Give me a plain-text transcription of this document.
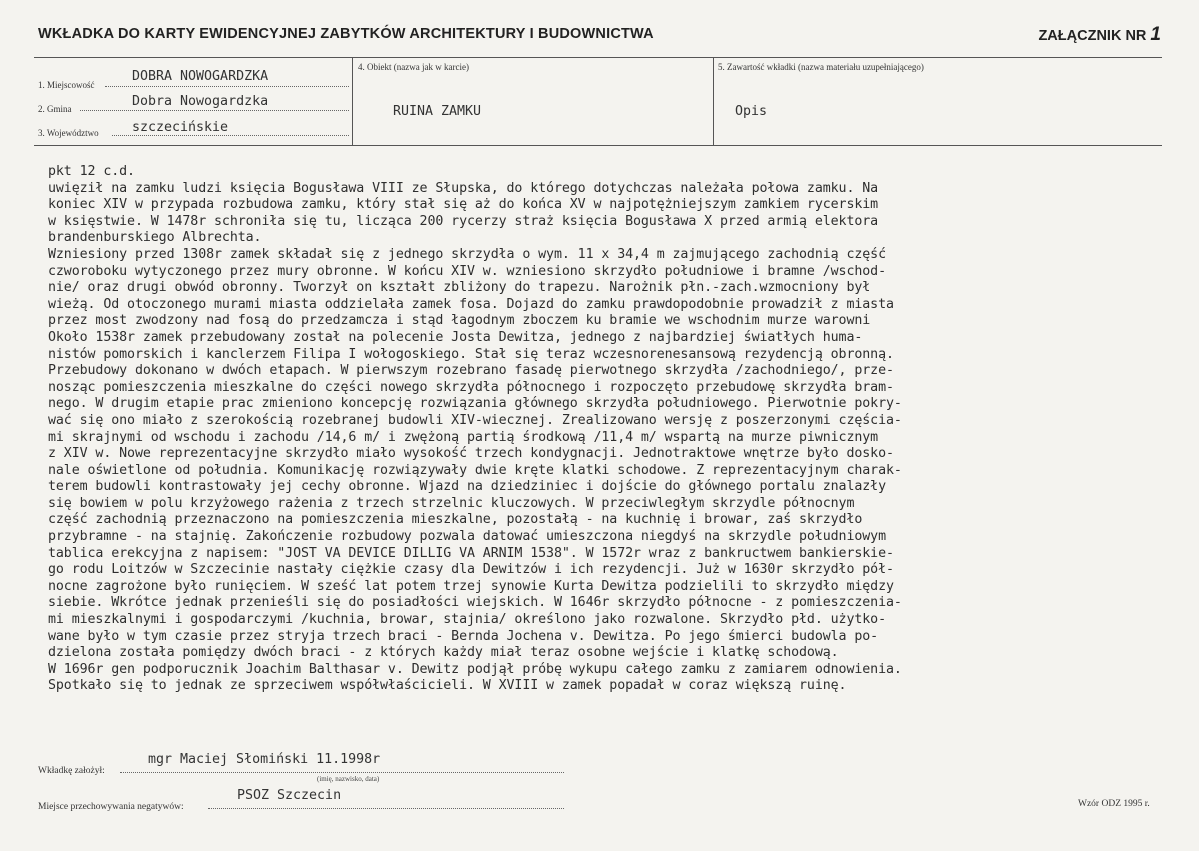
WKŁADKA DO KARTY EWIDENCYJNEJ ZABYTKÓW ARCHITEKTURY I BUDOWNICTWA	ZAŁĄCZNIK NR 1
1. Miejscowość
DOBRA NOWOGARDZKA
2. Gmina	Dobra Nowogardzka
3. Województwo	szczecińskie
4. Obiekt (nazwa jak w karcie)
RUINA ZAMKU
5. Zawartość wkładki (nazwa materiału uzupełniającego)
Opis
pkt 12 c.d.
uwięził na zamku ludzi księcia Bogusława VIII ze Słupska, do którego dotychczas należała połowa zamku. Na
koniec XIV w przypada rozbudowa zamku, który stał się aż do końca XV w najpotężniejszym zamkiem rycerskim
w księstwie. W 1478r schroniła się tu, licząca 200 rycerzy straż księcia Bogusława X przed armią elektora
brandenburskiego Albrechta.
Wzniesiony przed 1308r zamek składał się z jednego skrzydła o wym. 11 x 34,4 m zajmującego zachodnią część
czworoboku wytyczonego przez mury obronne. W końcu XIV w. wzniesiono skrzydło południowe i bramne /wschod-
nie/ oraz drugi obwód obronny. Tworzył on kształt zbliżony do trapezu. Narożnik płn.-zach.wzmocniony był
wieżą. Od otoczonego murami miasta oddzielała zamek fosa. Dojazd do zamku prawdopodobnie prowadził z miasta
przez most zwodzony nad fosą do przedzamcza i stąd łagodnym zboczem ku bramie we wschodnim murze warowni
Około 1538r zamek przebudowany został na polecenie Josta Dewitza, jednego z najbardziej światłych huma-
nistów pomorskich i kanclerzem Filipa I wołogoskiego. Stał się teraz wczesnorenesansową rezydencją obronną.
Przebudowy dokonano w dwóch etapach. W pierwszym rozebrano fasadę pierwotnego skrzydła /zachodniego/, prze-
nosząc pomieszczenia mieszkalne do części nowego skrzydła północnego i rozpoczęto przebudowę skrzydła bram-
nego. W drugim etapie prac zmieniono koncepcję rozwiązania głównego skrzydła południowego. Pierwotnie pokry-
wać się ono miało z szerokością rozebranej budowli XIV-wiecznej. Zrealizowano wersję z poszerzonymi częścia-
mi skrajnymi od wschodu i zachodu /14,6 m/ i zwężoną partią środkową /11,4 m/ wspartą na murze piwnicznym
z XIV w. Nowe reprezentacyjne skrzydło miało wysokość trzech kondygnacji. Jednotraktowe wnętrze było dosko-
nale oświetlone od południa. Komunikację rozwiązywały dwie kręte klatki schodowe. Z reprezentacyjnym charak-
terem budowli kontrastowały jej cechy obronne. Wjazd na dziedziniec i dojście do głównego portalu znalazły
się bowiem w polu krzyżowego rażenia z trzech strzelnic kluczowych. W przeciwległym skrzydle północnym
część zachodnią przeznaczono na pomieszczenia mieszkalne, pozostałą - na kuchnię i browar, zaś skrzydło
przybramne - na stajnię. Zakończenie rozbudowy pozwala datować umieszczona niegdyś na skrzydle południowym
tablica erekcyjna z napisem: "JOST VA DEVICE DILLIG VA ARNIM 1538". W 1572r wraz z bankructwem bankierskie-
go rodu Loitzów w Szczecinie nastały ciężkie czasy dla Dewitzów i ich rezydencji. Już w 1630r skrzydło pół-
nocne zagrożone było runięciem. W sześć lat potem trzej synowie Kurta Dewitza podzielili to skrzydło między
siebie. Wkrótce jednak przenieśli się do posiadłości wiejskich. W 1646r skrzydło północne - z pomieszczenia-
mi mieszkalnymi i gospodarczymi /kuchnia, browar, stajnia/ określono jako rozwalone. Skrzydło płd. użytko-
wane było w tym czasie przez stryja trzech braci - Bernda Jochena v. Dewitza. Po jego śmierci budowla po-
dzielona została pomiędzy dwóch braci - z których każdy miał teraz osobne wejście i klatkę schodową.
W 1696r gen podporucznik Joachim Balthasar v. Dewitz podjął próbę wykupu całego zamku z zamiarem odnowienia.
Spotkało się to jednak ze sprzeciwem współwłaścicieli. W XVIII w zamek popadał w coraz większą ruinę.
Wkładkę założył:
mgr Maciej Słomiński 11.1998r
(imię, nazwisko, data)
Miejsce przechowywania negatywów:
PSOZ Szczecin
Wzór ODZ 1995 r.
